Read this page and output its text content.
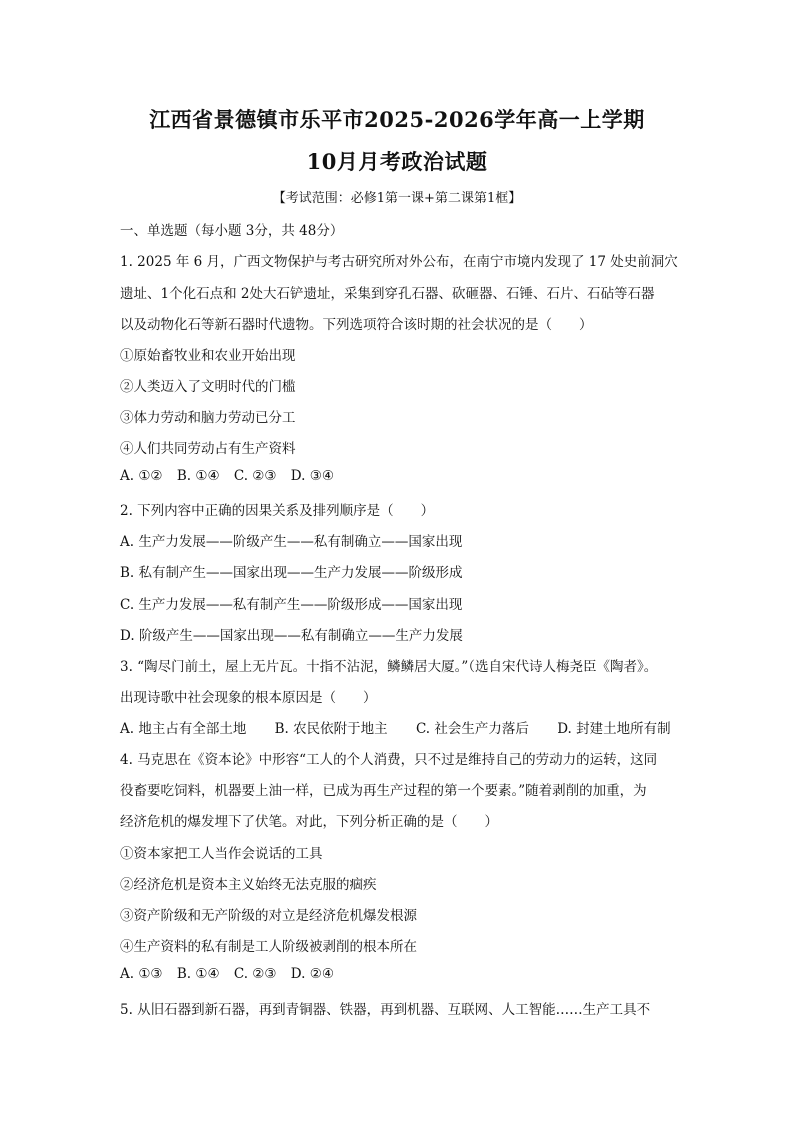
江西省景德镇市乐平市2025-2026学年高一上学期
10月月考政治试题
【考试范围：必修1第一课+第二课第1框】
一、单选题（每小题 3分，共 48分）
1. 2025 年 6 月，广西文物保护与考古研究所对外公布，在南宁市境内发现了 17 处史前洞穴
遗址、1个化石点和 2处大石铲遗址，采集到穿孔石器、砍砸器、石锤、石片、石砧等石器
以及动物化石等新石器时代遗物。下列选项符合该时期的社会状况的是（　　）
①原始畜牧业和农业开始出现
②人类迈入了文明时代的门槛
③体力劳动和脑力劳动已分工
④人们共同劳动占有生产资料
A. ①② B. ①④ C. ②③ D. ③④
2. 下列内容中正确的因果关系及排列顺序是（　　）
A. 生产力发展——阶级产生——私有制确立——国家出现
B. 私有制产生——国家出现——生产力发展——阶级形成
C. 生产力发展——私有制产生——阶级形成——国家出现
D. 阶级产生——国家出现——私有制确立——生产力发展
3. “陶尽门前土，屋上无片瓦。十指不沾泥，鳞鳞居大厦。”（选自宋代诗人梅尧臣《陶者》。
出现诗歌中社会现象的根本原因是（　　）
A. 地主占有全部土地 B. 农民依附于地主 C. 社会生产力落后 D. 封建土地所有制
4. 马克思在《资本论》中形容“工人的个人消费，只不过是维持自己的劳动力的运转，这同
役畜要吃饲料，机器要上油一样，已成为再生产过程的第一个要素。”随着剥削的加重，为
经济危机的爆发埋下了伏笔。对此，下列分析正确的是（　　）
①资本家把工人当作会说话的工具
②经济危机是资本主义始终无法克服的痼疾
③资产阶级和无产阶级的对立是经济危机爆发根源
④生产资料的私有制是工人阶级被剥削的根本所在
A. ①③ B. ①④ C. ②③ D. ②④
5. 从旧石器到新石器，再到青铜器、铁器，再到机器、互联网、人工智能……生产工具不
